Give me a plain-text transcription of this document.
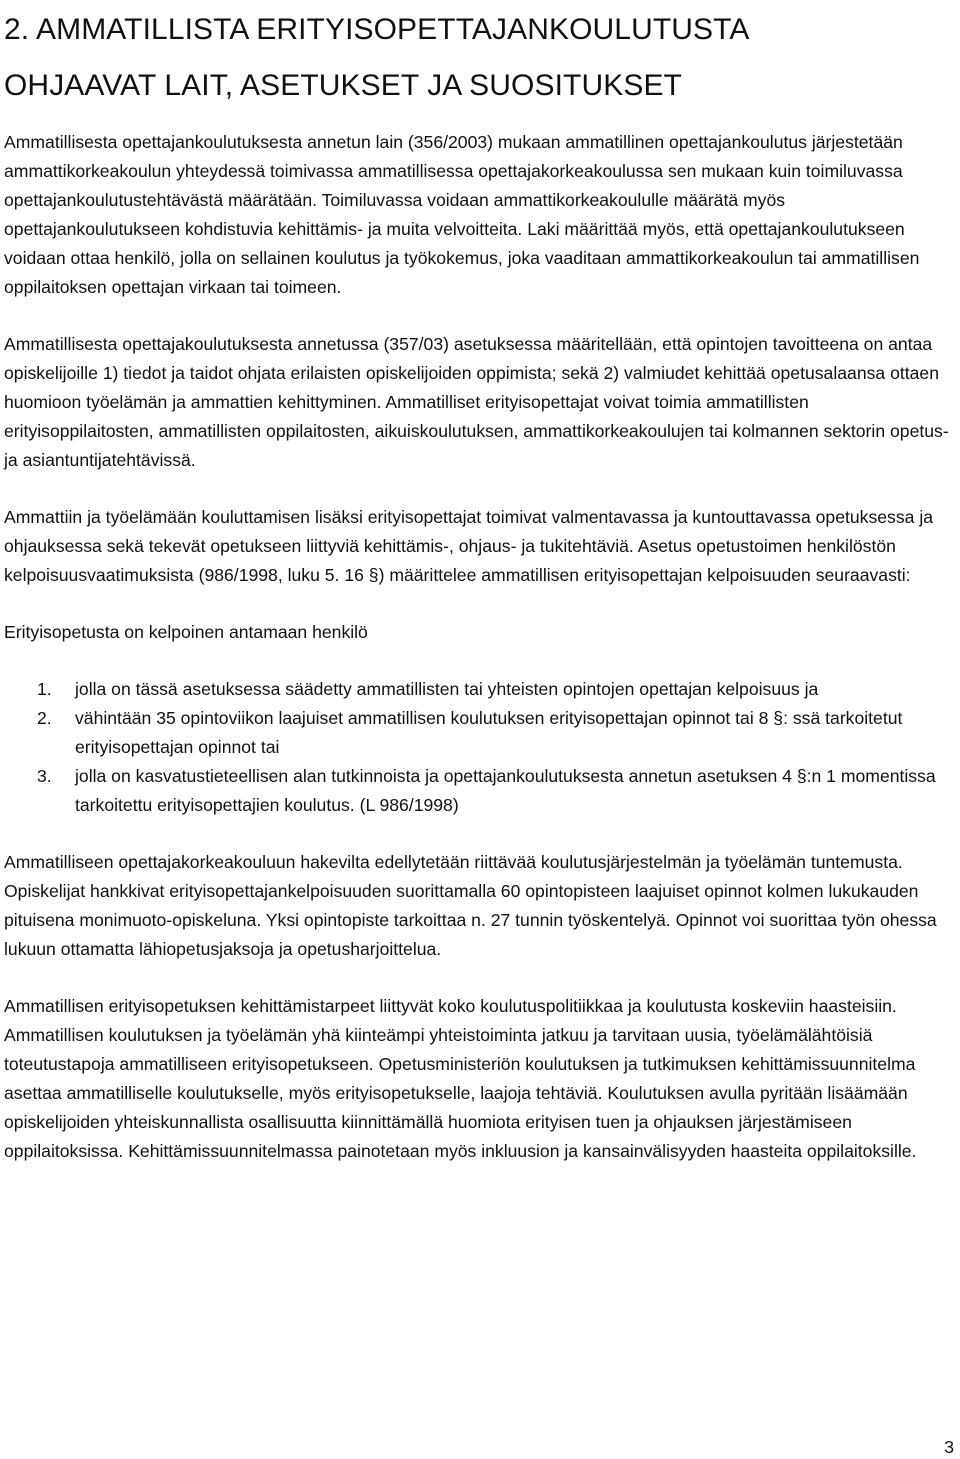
2. AMMATILLISTA ERITYISOPETTAJANKOULUTUSTA
OHJAAVAT LAIT, ASETUKSET JA SUOSITUKSET

Ammatillisesta opettajankoulutuksesta annetun lain (356/2003) mukaan ammatillinen opettajankoulutus järjestetään ammattikorkeakoulun yhteydessä toimivassa ammatillisessa opettajakorkeakoulussa sen mukaan kuin toimiluvassa opettajankoulutustehtävästä määrätään. Toimiluvassa voidaan ammattikorkeakoululle määrätä myös opettajankoulutukseen kohdistuvia kehittämis- ja muita velvoitteita. Laki määrittää myös, että opettajankoulutukseen voidaan ottaa henkilö, jolla on sellainen koulutus ja työkokemus, joka vaaditaan ammattikorkeakoulun tai ammatillisen oppilaitoksen opettajan virkaan tai toimeen.

Ammatillisesta opettajakoulutuksesta annetussa (357/03) asetuksessa määritellään, että opintojen tavoitteena on antaa opiskelijoille 1) tiedot ja taidot ohjata erilaisten opiskelijoiden oppimista; sekä 2) valmiudet kehittää opetusalaansa ottaen huomioon työelämän ja ammattien kehittyminen. Ammatilliset erityisopettajat voivat toimia ammatillisten erityisoppilaitosten, ammatillisten oppilaitosten, aikuiskoulutuksen, ammattikorkeakoulujen tai kolmannen sektorin opetus- ja asiantuntijatehtävissä.

Ammattiin ja työelämään kouluttamisen lisäksi erityisopettajat toimivat valmentavassa ja kuntouttavassa opetuksessa ja ohjauksessa sekä tekevät opetukseen liittyviä kehittämis-, ohjaus- ja tukitehtäviä. Asetus opetustoimen henkilöstön kelpoisuusvaatimuksista (986/1998, luku 5. 16 §) määrittelee ammatillisen erityisopettajan kelpoisuuden seuraavasti:

Erityisopetusta on kelpoinen antamaan henkilö

1.	jolla on tässä asetuksessa säädetty ammatillisten tai yhteisten opintojen opettajan kelpoisuus ja
2.	vähintään 35 opintoviikon laajuiset ammatillisen koulutuksen erityisopettajan opinnot tai 8 §: ssä tarkoitetut erityisopettajan opinnot tai
3.	jolla on kasvatustieteellisen alan tutkinnoista ja opettajankoulutuksesta annetun asetuksen 4 §:n 1 momentissa tarkoitettu erityisopettajien koulutus. (L 986/1998)

Ammatilliseen opettajakorkeakouluun hakevilta edellytetään riittävää koulutusjärjestelmän ja työelämän tuntemusta. Opiskelijat hankkivat erityisopettajankelpoisuuden suorittamalla 60 opintopisteen laajuiset opinnot kolmen lukukauden pituisena monimuoto-opiskeluna. Yksi opintopiste tarkoittaa n. 27 tunnin työskentelyä. Opinnot voi suorittaa työn ohessa lukuun ottamatta lähiopetusjaksoja ja opetusharjoittelua.

Ammatillisen erityisopetuksen kehittämistarpeet liittyvät koko koulutuspolitiikkaa ja koulutusta koskeviin haasteisiin. Ammatillisen koulutuksen ja työelämän yhä kiinteämpi yhteistoiminta jatkuu ja tarvitaan uusia, työelämälähtöisiä toteutustapoja ammatilliseen erityisopetukseen. Opetusministeriön koulutuksen ja tutkimuksen kehittämissuunnitelma asettaa ammatilliselle koulutukselle, myös erityisopetukselle, laajoja tehtäviä. Koulutuksen avulla pyritään lisäämään opiskelijoiden yhteiskunnallista osallisuutta kiinnittämällä huomiota erityisen tuen ja ohjauksen järjestämiseen oppilaitoksissa. Kehittämissuunnitelmassa painotetaan myös inkluusion ja kansainvälisyyden haasteita oppilaitoksille.

3
